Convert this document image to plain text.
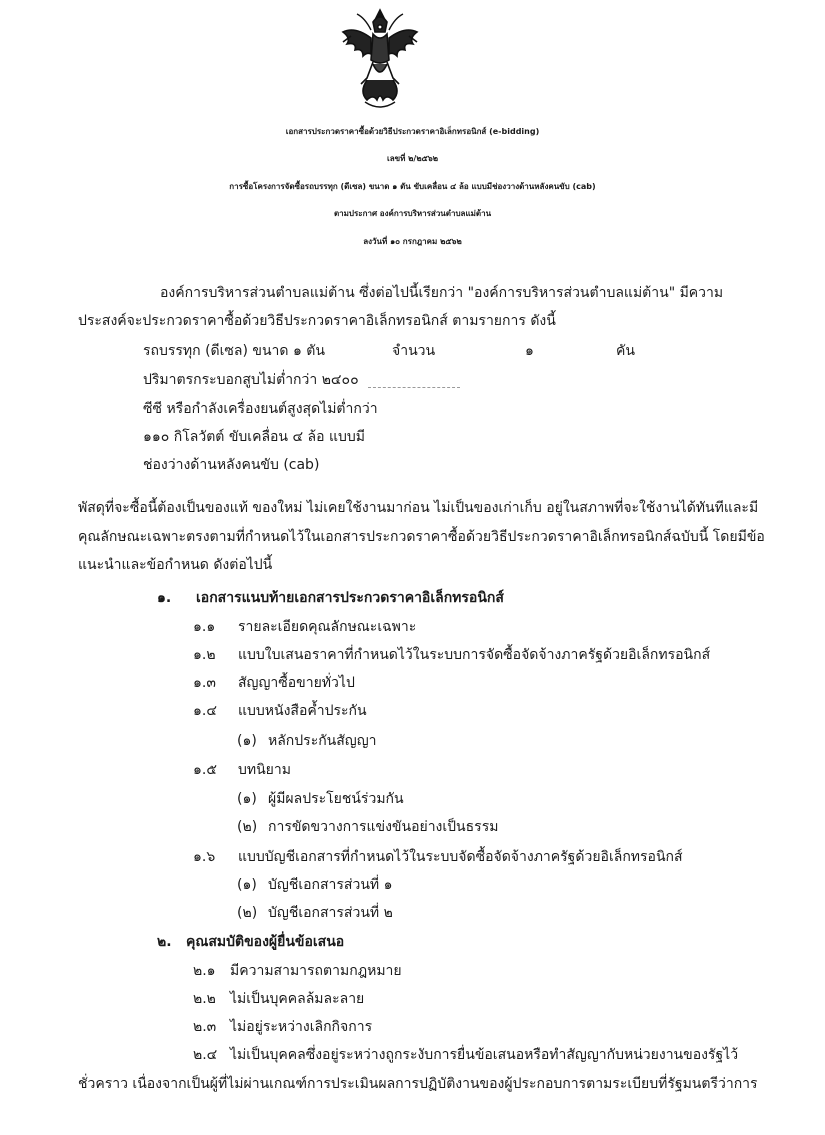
เอกสารประกวดราคาซื้อด้วยวิธีประกวดราคาอิเล็กทรอนิกส์ (e-bidding)
เลขที่ ๒/๒๕๖๒
การซื้อโครงการจัดซื้อรถบรรทุก (ดีเซล) ขนาด ๑ ตัน ขับเคลื่อน ๔ ล้อ แบบมีช่องวางด้านหลังคนขับ (cab)
ตามประกาศ องค์การบริหารส่วนตำบลแม่ต้าน
ลงวันที่ ๑๐ กรกฎาคม ๒๕๖๒
องค์การบริหารส่วนตำบลแม่ต้าน ซึ่งต่อไปนี้เรียกว่า "องค์การบริหารส่วนตำบลแม่ต้าน" มีความ
ประสงค์จะประกวดราคาซื้อด้วยวิธีประกวดราคาอิเล็กทรอนิกส์ ตามรายการ ดังนี้
รถบรรทุก (ดีเซล) ขนาด ๑ ตัน
ปริมาตรกระบอกสูบไม่ต่ำกว่า ๒๔๐๐
ซีซี หรือกำลังเครื่องยนต์สูงสุดไม่ต่ำกว่า
๑๑๐ กิโลวัตต์ ขับเคลื่อน ๔ ล้อ แบบมี
ช่องว่างด้านหลังคนขับ (cab)
จำนวน	๑	คัน
พัสดุที่จะซื้อนี้ต้องเป็นของแท้ ของใหม่ ไม่เคยใช้งานมาก่อน ไม่เป็นของเก่าเก็บ อยู่ในสภาพที่จะใช้งานได้ทันทีและมี
คุณลักษณะเฉพาะตรงตามที่กำหนดไว้ในเอกสารประกวดราคาซื้อด้วยวิธีประกวดราคาอิเล็กทรอนิกส์ฉบับนี้ โดยมีข้อ
แนะนำและข้อกำหนด ดังต่อไปนี้
๑. เอกสารแนบท้ายเอกสารประกวดราคาอิเล็กทรอนิกส์
๑.๑ รายละเอียดคุณลักษณะเฉพาะ
๑.๒ แบบใบเสนอราคาที่กำหนดไว้ในระบบการจัดซื้อจัดจ้างภาครัฐด้วยอิเล็กทรอนิกส์
๑.๓ สัญญาซื้อขายทั่วไป
๑.๔ แบบหนังสือค้ำประกัน
(๑) หลักประกันสัญญา
๑.๕ บทนิยาม
(๑) ผู้มีผลประโยชน์ร่วมกัน
(๒) การขัดขวางการแข่งขันอย่างเป็นธรรม
๑.๖ แบบบัญชีเอกสารที่กำหนดไว้ในระบบจัดซื้อจัดจ้างภาครัฐด้วยอิเล็กทรอนิกส์
(๑) บัญชีเอกสารส่วนที่ ๑
(๒) บัญชีเอกสารส่วนที่ ๒
๒. คุณสมบัติของผู้ยื่นข้อเสนอ
๒.๑ มีความสามารถตามกฎหมาย
๒.๒ ไม่เป็นบุคคลล้มละลาย
๒.๓ ไม่อยู่ระหว่างเลิกกิจการ
๒.๔ ไม่เป็นบุคคลซึ่งอยู่ระหว่างถูกระงับการยื่นข้อเสนอหรือทำสัญญากับหน่วยงานของรัฐไว้
ชั่วคราว เนื่องจากเป็นผู้ที่ไม่ผ่านเกณฑ์การประเมินผลการปฏิบัติงานของผู้ประกอบการตามระเบียบที่รัฐมนตรีว่าการ
